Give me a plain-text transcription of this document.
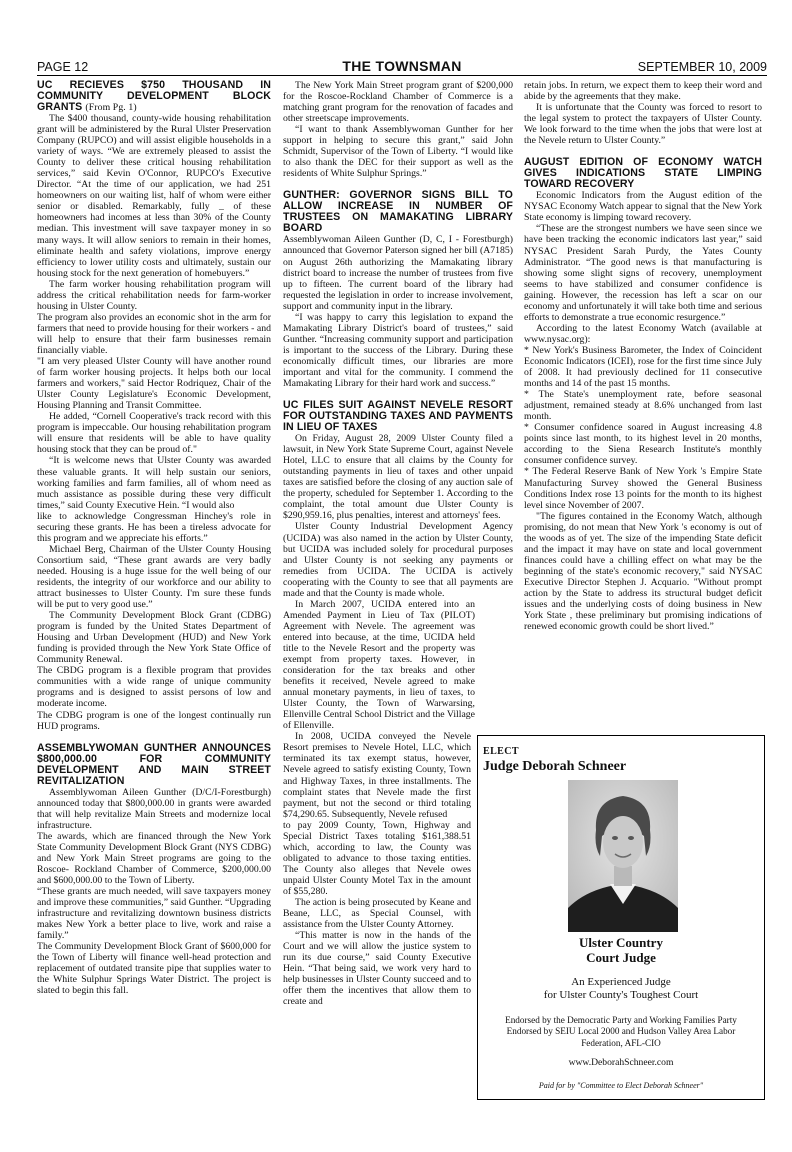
PAGE 12	THE TOWNSMAN	SEPTEMBER 10, 2009
UC RECIEVES $750 THOUSAND IN COMMUNITY DEVELOPMENT BLOCK GRANTS (From Pg. 1)

The $400 thousand, county-wide housing rehabilitation grant will be administered by the Rural Ulster Preservation Company (RUPCO) and will assist eligible households in a variety of ways. “We are extremely pleased to assist the County to deliver these critical housing rehabilitation services,” said Kevin O'Connor, RUPCO's Executive Director. “At the time of our application, we had 251 homeowners on our waiting list, half of whom were either senior or disabled. Remarkably, fully _ of these homeowners had incomes at less than 30% of the County median. This investment will save taxpayer money in so many ways. It will allow seniors to remain in their homes, eliminate health and safety violations, improve energy efficiency to lower utility costs and ultimately, sustain our housing stock for the next generation of homebuyers.”

The farm worker housing rehabilitation program will address the critical rehabilitation needs for farm-worker housing in Ulster County.

The program also provides an economic shot in the arm for farmers that need to provide housing for their workers - and will help to ensure that their farm businesses remain financially viable.

"I am very pleased Ulster County will have another round of farm worker housing projects. It helps both our local farmers and workers," said Hector Rodriquez, Chair of the Ulster County Legislature's Economic Development, Housing Planning and Transit Committee.

He added, “Cornell Cooperative's track record with this program is impeccable. Our housing rehabilitation program will ensure that residents will be able to have quality housing stock that they can be proud of."

“It is welcome news that Ulster County was awarded these valuable grants. It will help sustain our seniors, working families and farm families, all of whom need as much assistance as possible during these very difficult times,” said County Executive Hein. “I would also

like to acknowledge Congressman Hinchey's role in securing these grants. He has been a tireless advocate for this program and we appreciate his efforts.”

Michael Berg, Chairman of the Ulster County Housing Consortium said, “These grant awards are very badly needed. Housing is a huge issue for the well being of our residents, the integrity of our workforce and our ability to attract businesses to Ulster County. I'm sure these funds will be put to very good use.”

The Community Development Block Grant (CDBG) program is funded by the United States Department of Housing and Urban Development (HUD) and New York funding is provided through the New York State Office of Community Renewal.

The CBDG program is a flexible program that provides communities with a wide range of unique community programs and is designed to assist persons of low and moderate income.

The CDBG program is one of the longest continually run HUD programs.

ASSEMBLYWOMAN GUNTHER ANNOUNCES $800,000.00 FOR COMMUNITY DEVELOPMENT AND MAIN STREET REVITALIZATION

Assemblywoman Aileen Gunther (D/C/I-Forestburgh) announced today that $800,000.00 in grants were awarded that will help revitalize Main Streets and modernize local infrastructure.

The awards, which are financed through the New York State Community Development Block Grant (NYS CDBG) and New York Main Street programs are going to the Roscoe- Rockland Chamber of Commerce, $200,000.00 and $600,000.00 to the Town of Liberty.

“These grants are much needed, will save taxpayers money and improve these communities,” said Gunther. “Upgrading infrastructure and revitalizing downtown business districts makes New York a better place to live, work and raise a family.”

The Community Development Block Grant of $600,000 for the Town of Liberty will finance well-head protection and replacement of outdated transite pipe that supplies water to the White Sulphur Springs Water District. The project is slated to begin this fall.

The New York Main Street program grant of $200,000 for the Roscoe-Rockland Chamber of Commerce is a matching grant program for the renovation of facades and other streetscape improvements.

“I want to thank Assemblywoman Gunther for her support in helping to secure this grant,” said John Schmidt, Supervisor of the Town of Liberty. “I would like to also thank the DEC for their support as well as the residents of White Sulphur Springs.”

GUNTHER: GOVERNOR SIGNS BILL TO ALLOW INCREASE IN NUMBER OF TRUSTEES ON MAMAKATING LIBRARY BOARD

Assemblywoman Aileen Gunther (D, C, I - Forestburgh) announced that Governor Paterson signed her bill (A7185) on August 26th authorizing the Mamakating library district board to increase the number of trustees from five up to fifteen. The current board of the library had requested the legislation in order to increase involvement, support and community input in the library.

“I was happy to carry this legislation to expand the Mamakating Library District's board of trustees,” said Gunther. “Increasing community support and participation is important to the success of the Library. During these economically difficult times, our libraries are more important and vital for the community. I commend the Mamakating Library for their hard work and success.”

UC FILES SUIT AGAINST NEVELE RESORT FOR OUTSTANDING TAXES AND PAYMENTS IN LIEU OF TAXES

On Friday, August 28, 2009 Ulster County filed a lawsuit, in New York State Supreme Court, against Nevele Hotel, LLC to ensure that all claims by the County for outstanding payments in lieu of taxes and other unpaid taxes are satisfied before the closing of any auction sale of the property, scheduled for September 1. According to the complaint, the total amount due Ulster County is $290,959.16, plus penalties, interest and attorneys' fees.

Ulster County Industrial Development Agency (UCIDA) was also named in the action by Ulster County, but UCIDA was included solely for procedural purposes and Ulster County is not seeking any payments or remedies from UCIDA. The UCIDA is actively cooperating with the County to see that all payments are made and that the County is made whole.

In March 2007, UCIDA entered into an Amended Payment in Lieu of Tax (PILOT) Agreement with Nevele. The agreement was entered into because, at the time, UCIDA held title to the Nevele Resort and the property was exempt from property taxes. However, in consideration for the tax breaks and other benefits it received, Nevele agreed to make annual monetary payments, in lieu of taxes, to Ulster County, the Town of Warwarsing, Ellenville Central School District and the Village of Ellenville.

In 2008, UCIDA conveyed the Nevele Resort premises to Nevele Hotel, LLC, which terminated its tax exempt status, however, Nevele agreed to satisfy existing County, Town and Highway Taxes, in three installments. The complaint states that Nevele made the first payment, but not the second or third totaling $74,290.65. Subsequently, Nevele refused

to pay 2009 County, Town, Highway and Special District Taxes totaling $161,388.51 which, according to law, the County was obligated to advance to those taxing entities. The County also alleges that Nevele owes unpaid Ulster County Motel Tax in the amount of $55,280.

The action is being prosecuted by Keane and Beane, LLC, as Special Counsel, with assistance from the Ulster County Attorney.

“This matter is now in the hands of the Court and we will allow the justice system to run its due course,” said County Executive Hein. “That being said, we work very hard to help businesses in Ulster County succeed and to offer them the incentives that allow them to create and

retain jobs. In return, we expect them to keep their word and abide by the agreements that they make.

It is unfortunate that the County was forced to resort to the legal system to protect the taxpayers of Ulster County. We look forward to the time when the jobs that were lost at the Nevele return to Ulster County.”

AUGUST EDITION OF ECONOMY WATCH GIVES INDICATIONS STATE LIMPING TOWARD RECOVERY

Economic Indicators from the August edition of the NYSAC Economy Watch appear to signal that the New York State economy is limping toward recovery.

“These are the strongest numbers we have seen since we have been tracking the economic indicators last year,” said NYSAC President Sarah Purdy, the Yates County Administrator. “The good news is that manufacturing is showing some slight signs of recovery, unemployment seems to have stabilized and consumer confidence is gaining. However, the recession has left a scar on our economy and unfortunately it will take both time and serious efforts to demonstrate a true economic resurgence.”

According to the latest Economy Watch (available at www.nysac.org):

* New York's Business Barometer, the Index of Coincident Economic Indicators (ICEI), rose for the first time since July of 2008. It had previously declined for 11 consecutive months and 14 of the past 15 months.

* The State's unemployment rate, before seasonal adjustment, remained steady at 8.6% unchanged from last month.

* Consumer confidence soared in August increasing 4.8 points since last month, to its highest level in 20 months, according to the Siena Research Institute's monthly consumer confidence survey.

* The Federal Reserve Bank of New York 's Empire State Manufacturing Survey showed the General Business Conditions Index rose 13 points for the month to its highest level since November of 2007.

"The figures contained in the Economy Watch, although promising, do not mean that New York 's economy is out of the woods as of yet. The size of the impending State deficit and the impact it may have on state and local government finances could have a chilling effect on what may be the beginning of the state's economic recovery," said NYSAC Executive Director Stephen J. Acquario. "Without prompt action by the State to address its structural budget deficit issues and the underlying costs of doing business in New York State , these preliminary but promising indications of renewed economic growth could be short lived.”

ELECT
Judge Deborah Schneer
Ulster Country
Court Judge
An Experienced Judge
for Ulster County's Toughest Court
Endorsed by the Democratic Party and Working Families Party
Endorsed by SEIU Local 2000 and Hudson Valley Area Labor Federation, AFL-CIO
www.DeborahSchneer.com
Paid for by "Committee to Elect Deborah Schneer"
